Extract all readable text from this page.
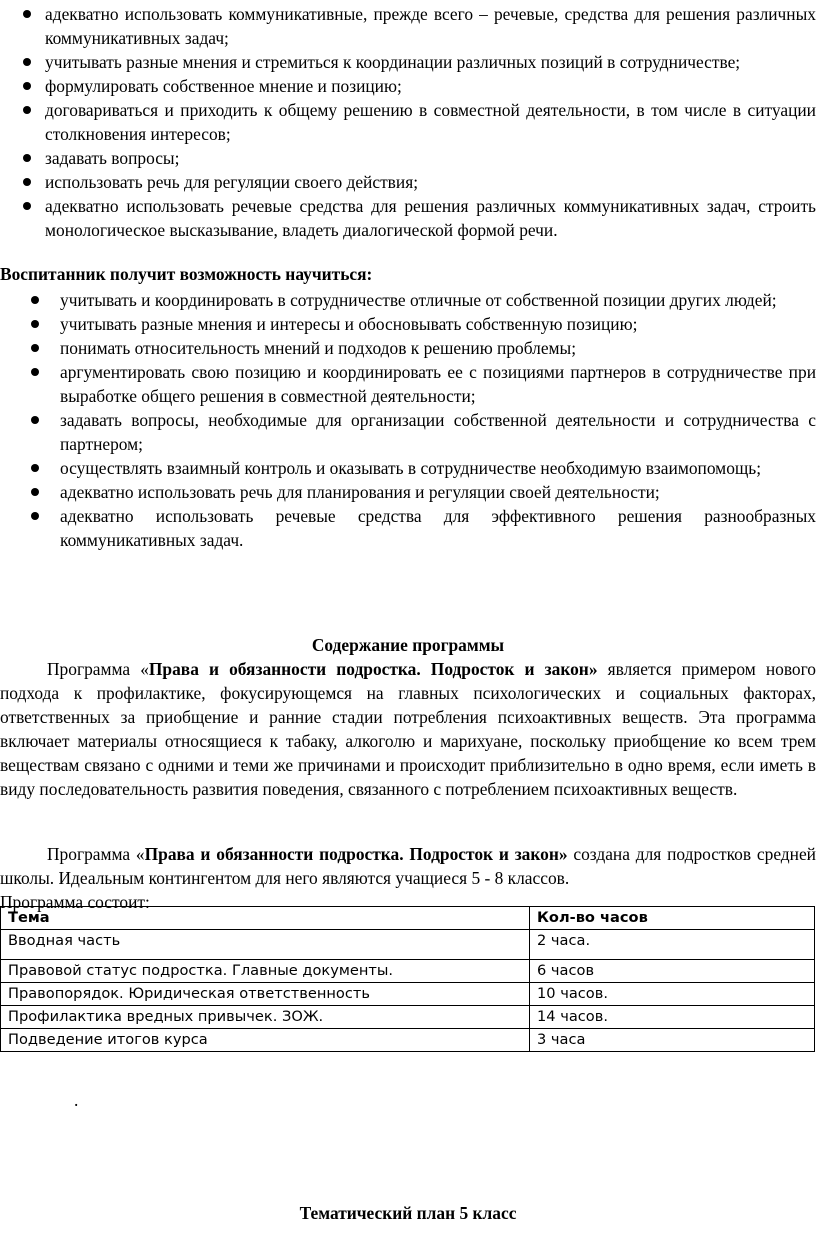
адекватно использовать коммуникативные, прежде всего – речевые, средства для решения различных коммуникативных задач;
учитывать разные мнения и стремиться к координации различных позиций в сотрудничестве;
формулировать собственное мнение и позицию;
договариваться и приходить к общему решению в совместной деятельности, в том числе в ситуации столкновения интересов;
задавать вопросы;
использовать речь для регуляции своего действия;
адекватно использовать речевые средства для решения различных коммуникативных задач, строить монологическое высказывание, владеть диалогической формой речи.

Воспитанник получит возможность научиться:

учитывать и координировать в сотрудничестве отличные от собственной позиции других людей;
учитывать разные мнения и интересы и обосновывать собственную позицию;
понимать относительность мнений и подходов к решению проблемы;
аргументировать свою позицию и координировать ее с позициями партнеров в сотрудничестве при выработке общего решения в совместной деятельности;
задавать вопросы, необходимые для организации собственной деятельности и сотрудничества с партнером;
осуществлять взаимный контроль и оказывать в сотрудничестве необходимую взаимопомощь;
адекватно использовать речь для планирования и регуляции своей деятельности;
адекватно использовать речевые средства для эффективного решения разнообразных коммуникативных задач.

Содержание программы

Программа «Права и обязанности подростка. Подросток и закон» является примером нового подхода к профилактике, фокусирующемся на главных психологических и социальных факторах, ответственных за приобщение и ранние стадии потребления психоактивных веществ. Эта программа включает материалы относящиеся к табаку, алкоголю и марихуане, поскольку приобщение ко всем трем веществам связано с одними и теми же причинами и происходит приблизительно в одно время, если иметь в виду последовательность развития поведения, связанного с потреблением психоактивных веществ.

Программа «Права и обязанности подростка. Подросток и закон» создана для подростков средней школы. Идеальным контингентом для него являются учащиеся 5 - 8 классов.
Программа состоит:

Тема	Кол-во часов
Вводная часть	2 часа.
Правовой статус подростка. Главные документы.	6 часов
Правопорядок. Юридическая ответственность	10 часов.
Профилактика вредных привычек. ЗОЖ.	14 часов.
Подведение итогов курса	3 часа
.

Тематический план 5 класс
